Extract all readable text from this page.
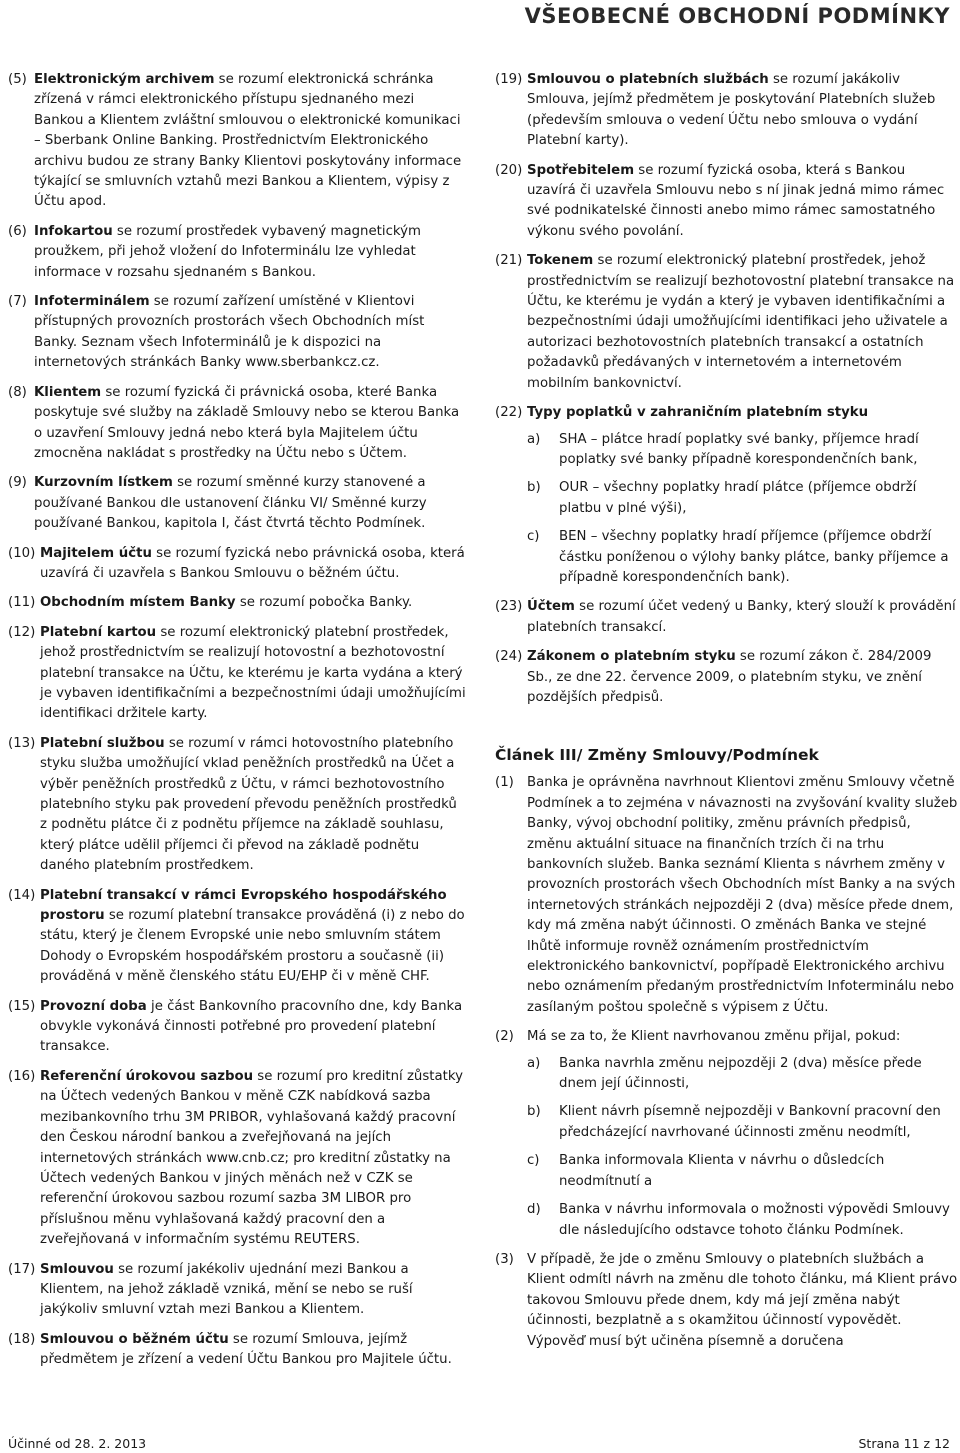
VŠEOBECNÉ OBCHODNÍ PODMÍNKY
(5) Elektronickým archivem se rozumí elektronická schránka zřízená v rámci elektronického přístupu sjednaného mezi Bankou a Klientem zvláštní smlouvou o elektronické komunikaci – Sberbank Online Banking. Prostřednictvím Elektronického archivu budou ze strany Banky Klientovi poskytovány informace týkající se smluvních vztahů mezi Bankou a Klientem, výpisy z Účtu apod.
(6) Infokartou se rozumí prostředek vybavený magnetickým proužkem, při jehož vložení do Infoterminálu lze vyhledat informace v rozsahu sjednaném s Bankou.
(7) Infoterminálem se rozumí zařízení umístěné v Klientovi přístupných provozních prostorách všech Obchodních míst Banky. Seznam všech Infoterminálů je k dispozici na internetových stránkách Banky www.sberbankcz.cz.
(8) Klientem se rozumí fyzická či právnická osoba, které Banka poskytuje své služby na základě Smlouvy nebo se kterou Banka o uzavření Smlouvy jedná nebo která byla Majitelem účtu zmocněna nakládat s prostředky na Účtu nebo s Účtem.
(9) Kurzovním lístkem se rozumí směnné kurzy stanovené a používané Bankou dle ustanovení článku VI/ Směnné kurzy používané Bankou, kapitola I, část čtvrtá těchto Podmínek.
(10) Majitelem účtu se rozumí fyzická nebo právnická osoba, která uzavírá či uzavřela s Bankou Smlouvu o běžném účtu.
(11) Obchodním místem Banky se rozumí pobočka Banky.
(12) Platební kartou se rozumí elektronický platební prostředek, jehož prostřednictvím se realizují hotovostní a bezhotovostní platební transakce na Účtu, ke kterému je karta vydána a který je vybaven identifikačními a bezpečnostními údaji umožňujícími identifikaci držitele karty.
(13) Platební službou se rozumí v rámci hotovostního platebního styku služba umožňující vklad peněžních prostředků na Účet a výběr peněžních prostředků z Účtu, v rámci bezhotovostního platebního styku pak provedení převodu peněžních prostředků z podnětu plátce či z podnětu příjemce na základě souhlasu, který plátce udělil příjemci či převod na základě podnětu daného platebním prostředkem.
(14) Platební transakcí v rámci Evropského hospodářského prostoru se rozumí platební transakce prováděná (i) z nebo do státu, který je členem Evropské unie nebo smluvním státem Dohody o Evropském hospodářském prostoru a současně (ii) prováděná v měně členského státu EU/EHP či v měně CHF.
(15) Provozní doba je část Bankovního pracovního dne, kdy Banka obvykle vykonává činnosti potřebné pro provedení platební transakce.
(16) Referenční úrokovou sazbou se rozumí pro kreditní zůstatky na Účtech vedených Bankou v měně CZK nabídková sazba mezibankovního trhu 3M PRIBOR, vyhlašovaná každý pracovní den Českou národní bankou a zveřejňovaná na jejích internetových stránkách www.cnb.cz; pro kreditní zůstatky na Účtech vedených Bankou v jiných měnách než v CZK se referenční úrokovou sazbou rozumí sazba 3M LIBOR pro příslušnou měnu vyhlašovaná každý pracovní den a zveřejňovaná v informačním systému REUTERS.
(17) Smlouvou se rozumí jakékoliv ujednání mezi Bankou a Klientem, na jehož základě vzniká, mění se nebo se ruší jakýkoliv smluvní vztah mezi Bankou a Klientem.
(18) Smlouvou o běžném účtu se rozumí Smlouva, jejímž předmětem je zřízení a vedení Účtu Bankou pro Majitele účtu.
(19) Smlouvou o platebních službách se rozumí jakákoliv Smlouva, jejímž předmětem je poskytování Platebních služeb (především smlouva o vedení Účtu nebo smlouva o vydání Platební karty).
(20) Spotřebitelem se rozumí fyzická osoba, která s Bankou uzavírá či uzavřela Smlouvu nebo s ní jinak jedná mimo rámec své podnikatelské činnosti anebo mimo rámec samostatného výkonu svého povolání.
(21) Tokenem se rozumí elektronický platební prostředek, jehož prostřednictvím se realizují bezhotovostní platební transakce na Účtu, ke kterému je vydán a který je vybaven identifikačními a bezpečnostními údaji umožňujícími identifikaci jeho uživatele a autorizaci bezhotovostních platebních transakcí a ostatních požadavků předávaných v internetovém a internetovém mobilním bankovnictví.
(22) Typy poplatků v zahraničním platebním styku
a) SHA – plátce hradí poplatky své banky, příjemce hradí poplatky své banky případně korespondenčních bank,
b) OUR – všechny poplatky hradí plátce (příjemce obdrží platbu v plné výši),
c) BEN – všechny poplatky hradí příjemce (příjemce obdrží částku poníženou o výlohy banky plátce, banky příjemce a případně korespondenčních bank).
(23) Účtem se rozumí účet vedený u Banky, který slouží k provádění platebních transakcí.
(24) Zákonem o platebním styku se rozumí zákon č. 284/2009 Sb., ze dne 22. července 2009, o platebním styku, ve znění pozdějších předpisů.
Článek III/ Změny Smlouvy/Podmínek
(1) Banka je oprávněna navrhnout Klientovi změnu Smlouvy včetně Podmínek a to zejména v návaznosti na zvyšování kvality služeb Banky, vývoj obchodní politiky, změnu právních předpisů, změnu aktuální situace na finančních trzích či na trhu bankovních služeb. Banka seznámí Klienta s návrhem změny v provozních prostorách všech Obchodních míst Banky a na svých internetových stránkách nejpozději 2 (dva) měsíce přede dnem, kdy má změna nabýt účinnosti. O změnách Banka ve stejné lhůtě informuje rovněž oznámením prostřednictvím elektronického bankovnictví, popřípadě Elektronického archivu nebo oznámením předaným prostřednictvím Infoterminálu nebo zasílaným poštou společně s výpisem z Účtu.
(2) Má se za to, že Klient navrhovanou změnu přijal, pokud:
a) Banka navrhla změnu nejpozději 2 (dva) měsíce přede dnem její účinnosti,
b) Klient návrh písemně nejpozději v Bankovní pracovní den předcházející navrhované účinnosti změnu neodmítl,
c) Banka informovala Klienta v návrhu o důsledcích neodmítnutí a
d) Banka v návrhu informovala o možnosti výpovědi Smlouvy dle následujícího odstavce tohoto článku Podmínek.
(3) V případě, že jde o změnu Smlouvy o platebních službách a Klient odmítl návrh na změnu dle tohoto článku, má Klient právo takovou Smlouvu přede dnem, kdy má její změna nabýt účinnosti, bezplatně a s okamžitou účinností vypovědět. Výpověď musí být učiněna písemně a doručena
Účinné od 28. 2. 2013	Strana 11 z 12
